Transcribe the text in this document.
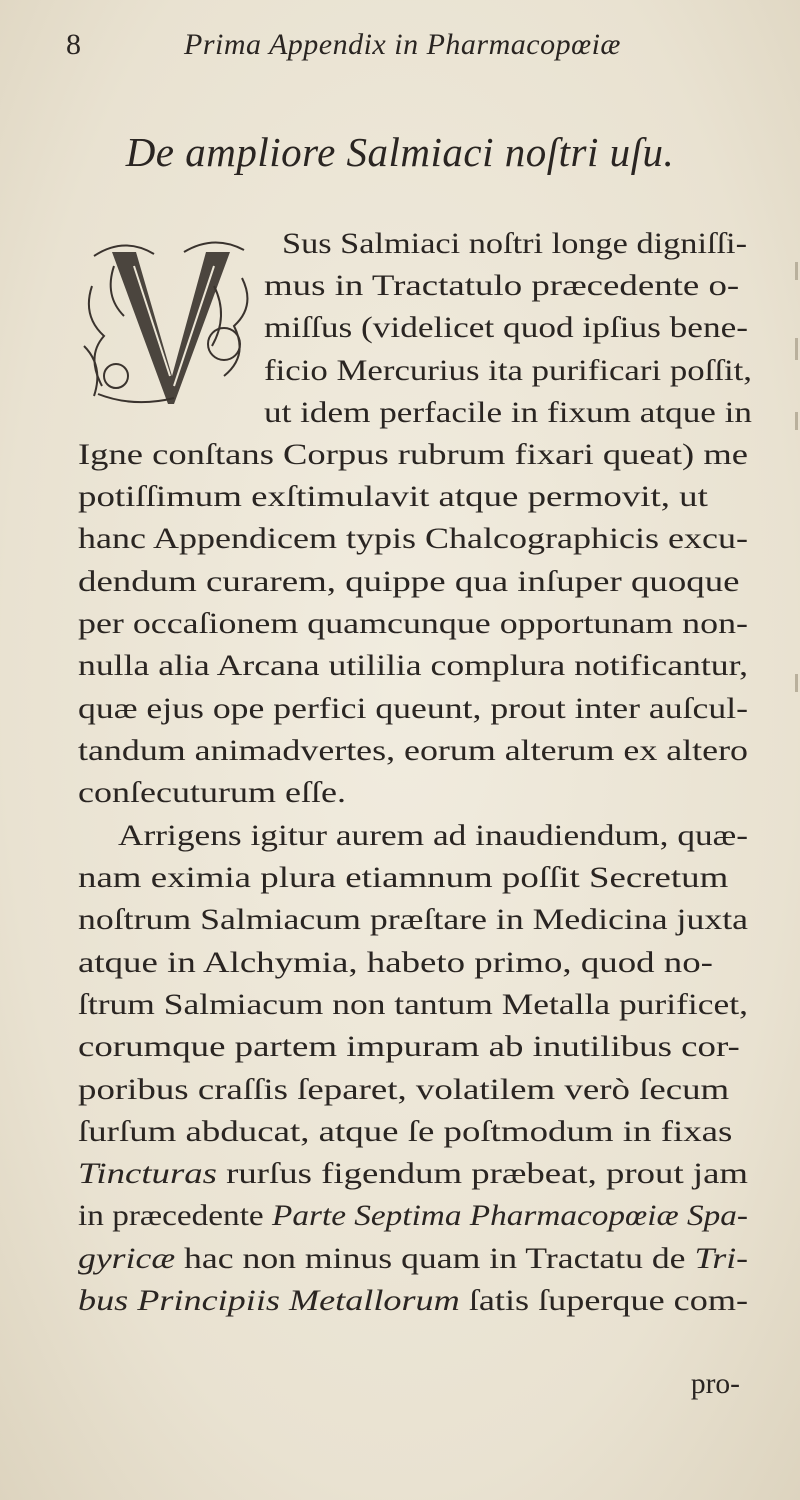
8	Prima Appendix in Pharmacopœiæ
De ampliore Salmiaci noſtri uſu.
Sus Salmiaci noſtri longe digniſſi-
mus in Tractatulo præcedente o-
miſſus (videlicet quod ipſius bene-
ficio Mercurius ita purificari poſſit,
ut idem perfacile in fixum atque in
Igne conſtans Corpus rubrum fixari queat) me
potiſſimum exſtimulavit atque permovit, ut
hanc Appendicem typis Chalcographicis excu-
dendum curarem, quippe qua inſuper quoque
per occaſionem quamcunque opportunam non-
nulla alia Arcana utililia complura notificantur,
quæ ejus ope perfici queunt, prout inter auſcul-
tandum animadvertes, eorum alterum ex altero
conſecuturum eſſe.
Arrigens igitur aurem ad inaudiendum, quæ-
nam eximia plura etiamnum poſſit Secretum
noſtrum Salmiacum præſtare in Medicina juxta
atque in Alchymia, habeto primo, quod no-
ſtrum Salmiacum non tantum Metalla purificet,
corumque partem impuram ab inutilibus cor-
poribus craſſis ſeparet, volatilem verò ſecum
ſurſum abducat, atque ſe poſtmodum in fixas
Tincturas rurſus figendum præbeat, prout jam
in præcedente Parte Septima Pharmacopœiæ Spa-
gyricæ hac non minus quam in Tractatu de Tri-
bus Principiis Metallorum ſatis ſuperque com-
pro-
